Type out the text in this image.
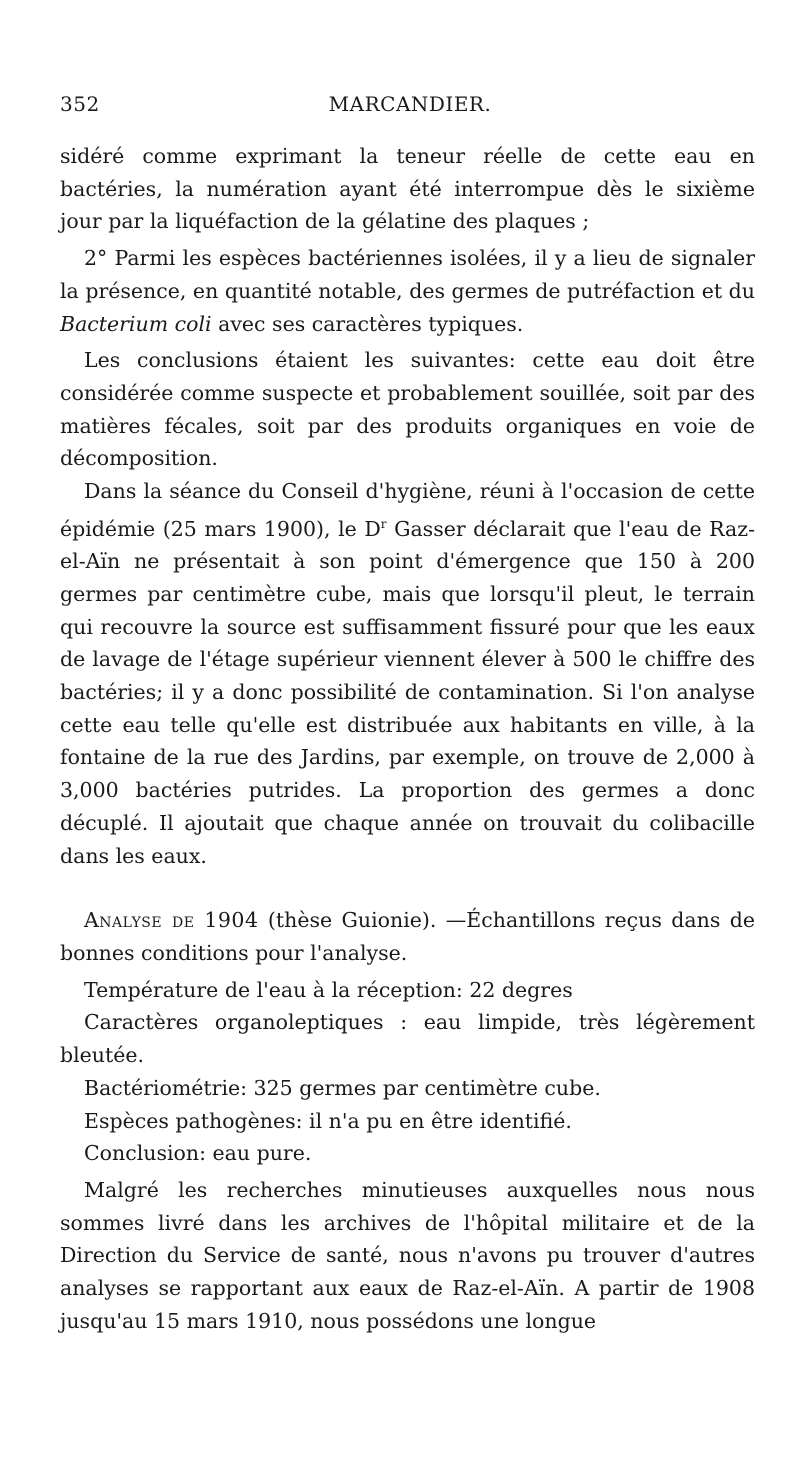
352	MARCANDIER.

sidéré comme exprimant la teneur réelle de cette eau en bactéries, la numération ayant été interrompue dès le sixième jour par la liquéfaction de la gélatine des plaques ;

2° Parmi les espèces bactériennes isolées, il y a lieu de signaler la présence, en quantité notable, des germes de putréfaction et du Bacterium coli avec ses caractères typiques.

Les conclusions étaient les suivantes: cette eau doit être considérée comme suspecte et probablement souillée, soit par des matières fécales, soit par des produits organiques en voie de décomposition.

Dans la séance du Conseil d'hygiène, réuni à l'occasion de cette épidémie (25 mars 1900), le $D^r$ Gasser déclarait que l'eau de Raz-el-Aïn ne présentait à son point d'émergence que 150 à 200 germes par centimètre cube, mais que lorsqu'il pleut, le terrain qui recouvre la source est suffisamment fissuré pour que les eaux de lavage de l'étage supérieur viennent élever à 500 le chiffre des bactéries; il y a donc possibilité de contamination. Si l'on analyse cette eau telle qu'elle est distribuée aux habitants en ville, à la fontaine de la rue des Jardins, par exemple, on trouve de 2,000 à 3,000 bactéries putrides. La proportion des germes a donc décuplé. Il ajoutait que chaque année on trouvait du colibacille dans les eaux.

Analyse de 1904 (thèse Guionie). —Échantillons reçus dans de bonnes conditions pour l'analyse.

Température de l'eau à la réception: 22 degres

Caractères organoleptiques : eau limpide, très légèrement bleutée.

Bactériométrie: 325 germes par centimètre cube.

Espèces pathogènes: il n'a pu en être identifié.

Conclusion: eau pure.

Malgré les recherches minutieuses auxquelles nous nous sommes livré dans les archives de l'hôpital militaire et de la Direction du Service de santé, nous n'avons pu trouver d'autres analyses se rapportant aux eaux de Raz-el-Aïn. A partir de 1908 jusqu'au 15 mars 1910, nous possédons une longue
